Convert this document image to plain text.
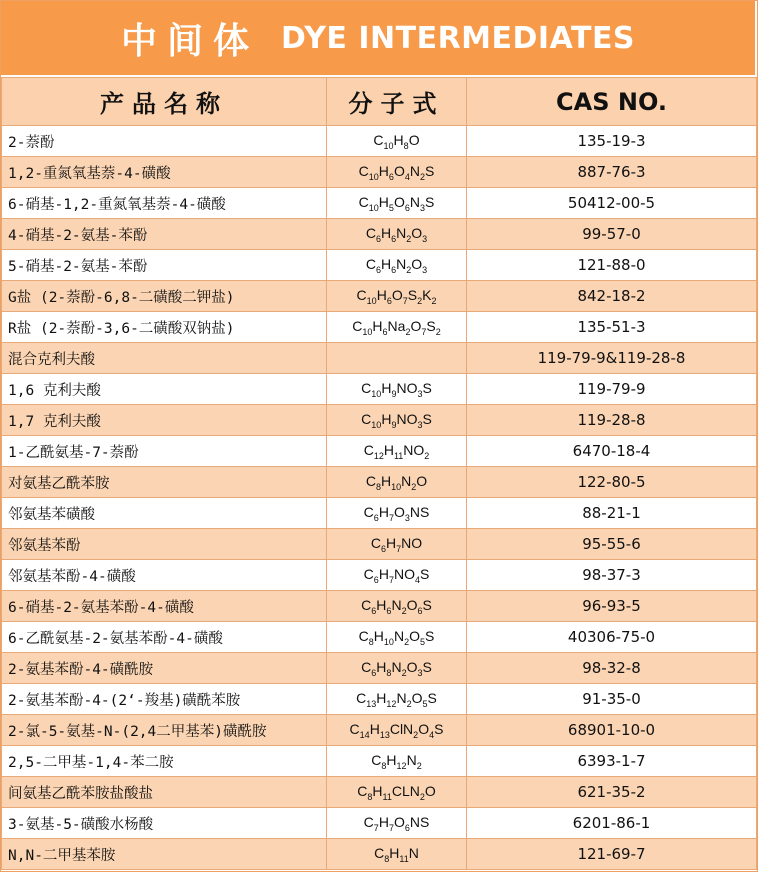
中间体 DYE INTERMEDIATES
产品名称	分子式	CAS NO.
2-萘酚	$C_{10}H_8O$	135-19-3
1,2-重氮氧基萘-4-磺酸	$C_{10}H_6O_4N_2S$	887-76-3
6-硝基-1,2-重氮氧基萘-4-磺酸	$C_{10}H_5O_6N_3S$	50412-00-5
4-硝基-2-氨基-苯酚	$C_6H_6N_2O_3$	99-57-0
5-硝基-2-氨基-苯酚	$C_6H_6N_2O_3$	121-88-0
G盐 (2-萘酚-6,8-二磺酸二钾盐)	$C_{10}H_6O_7S_2K_2$	842-18-2
R盐 (2-萘酚-3,6-二磺酸双钠盐)	$C_{10}H_6Na_2O_7S_2$	135-51-3
混合克利夫酸		119-79-9&119-28-8
1,6 克利夫酸	$C_{10}H_9NO_3S$	119-79-9
1,7 克利夫酸	$C_{10}H_9NO_3S$	119-28-8
1-乙酰氨基-7-萘酚	$C_{12}H_{11}NO_2$	6470-18-4
对氨基乙酰苯胺	$C_8H_{10}N_2O$	122-80-5
邻氨基苯磺酸	$C_6H_7O_3NS$	88-21-1
邻氨基苯酚	$C_6H_7NO$	95-55-6
邻氨基苯酚-4-磺酸	$C_6H_7NO_4S$	98-37-3
6-硝基-2-氨基苯酚-4-磺酸	$C_6H_6N_2O_6S$	96-93-5
6-乙酰氨基-2-氨基苯酚-4-磺酸	$C_8H_{10}N_2O_5S$	40306-75-0
2-氨基苯酚-4-磺酰胺	$C_6H_8N_2O_3S$	98-32-8
2-氨基苯酚-4-(2‘-羧基)磺酰苯胺	$C_{13}H_{12}N_2O_5S$	91-35-0
2-氯-5-氨基-N-(2,4二甲基苯)磺酰胺	$C_{14}H_{13}ClN_2O_4S$	68901-10-0
2,5-二甲基-1,4-苯二胺	$C_8H_{12}N_2$	6393-1-7
间氨基乙酰苯胺盐酸盐	$C_8H_{11}CLN_2O$	621-35-2
3-氨基-5-磺酸水杨酸	$C_7H_7O_6NS$	6201-86-1
N,N-二甲基苯胺	$C_8H_{11}N$	121-69-7
